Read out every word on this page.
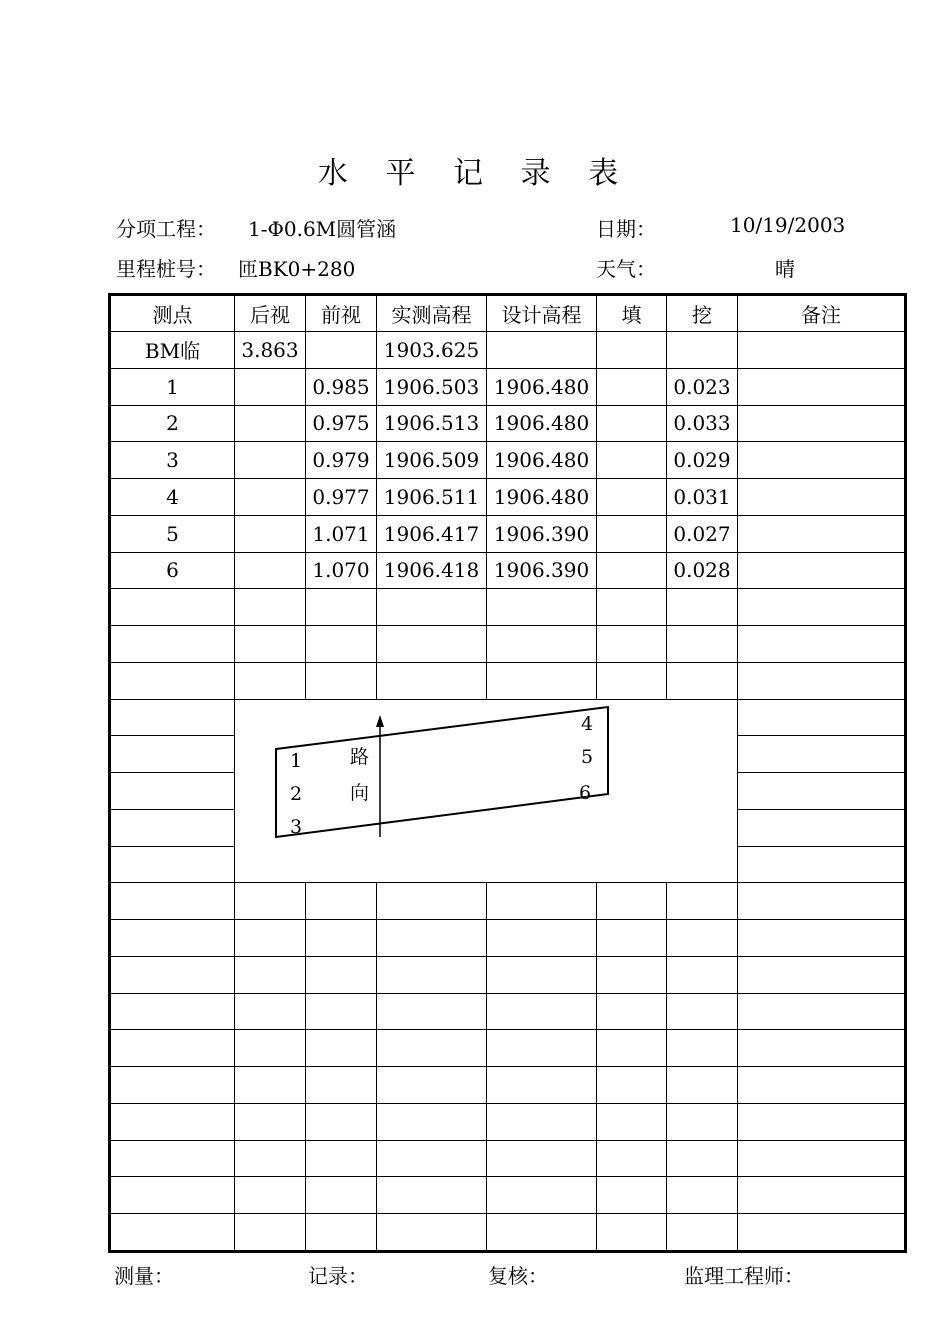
水 平 记 录 表
分项工程： 1-Φ0.6M圆管涵	日期：	10/19/2003
里程桩号： 匝BK0+280	天气：	晴
测点	后视	前视	实测高程	设计高程	填	挖	备注
BM临	3.863		1903.625				
1		0.985	1906.503	1906.480		0.023	
2		0.975	1906.513	1906.480		0.033	
3		0.979	1906.509	1906.480		0.029	
4		0.977	1906.511	1906.480		0.031	
5		1.071	1906.417	1906.390		0.027	
6		1.070	1906.418	1906.390		0.028	

路
向
1
2
3
4
5
6
测量：	记录：	复核：	监理工程师：
